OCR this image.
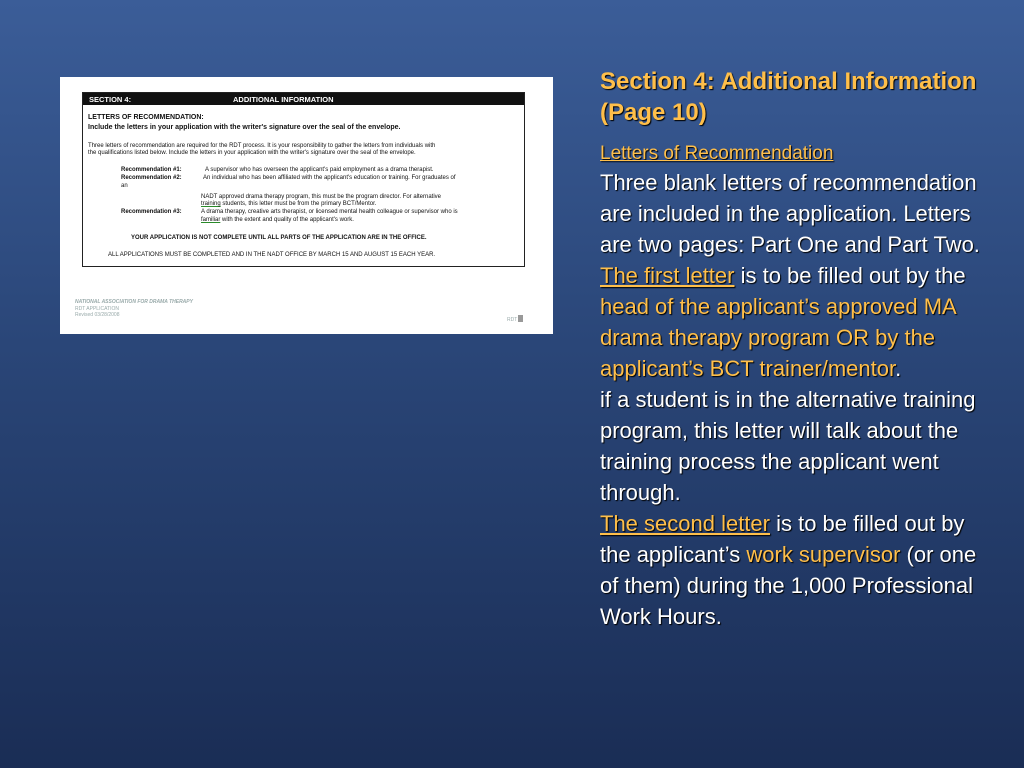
SECTION 4:	ADDITIONAL INFORMATION
LETTERS OF RECOMMENDATION:
Include the letters in your application with the writer's signature over the seal of the envelope.
Three letters of recommendation are required for the RDT process. It is your responsibility to gather the letters from individuals with
the qualifications listed below. Include the letters in your application with the writer's signature over the seal of the envelope.
Recommendation #1:	A supervisor who has overseen the applicant's paid employment as a drama therapist.
Recommendation #2:	An individual who has been affiliated with the applicant's education or training. For graduates of
an
NADT approved drama therapy program, this must be the program director. For alternative
training students, this letter must be from the primary BCT/Mentor.
Recommendation #3:	A drama therapy, creative arts therapist, or licensed mental health colleague or supervisor who is
familiar with the extent and quality of the applicant's work.
YOUR APPLICATION IS NOT COMPLETE UNTIL ALL PARTS OF THE APPLICATION ARE IN THE OFFICE.
ALL APPLICATIONS MUST BE COMPLETED AND IN THE NADT OFFICE BY MARCH 15 AND AUGUST 15 EACH YEAR.
NATIONAL ASSOCIATION FOR DRAMA THERAPY
RDT APPLICATION
Revised 03/28/2008
RDT
Section 4: Additional Information (Page 10)
Letters of Recommendation
Three blank letters of recommendation are included in the application. Letters are two pages: Part One and Part Two. The first letter is to be filled out by the head of the applicant’s approved MA drama therapy program OR by the applicant’s BCT trainer/mentor.
if a student is in the alternative training program, this letter will talk about the training process the applicant went through.
The second letter is to be filled out by the applicant’s work supervisor (or one of them) during the 1,000 Professional Work Hours.
